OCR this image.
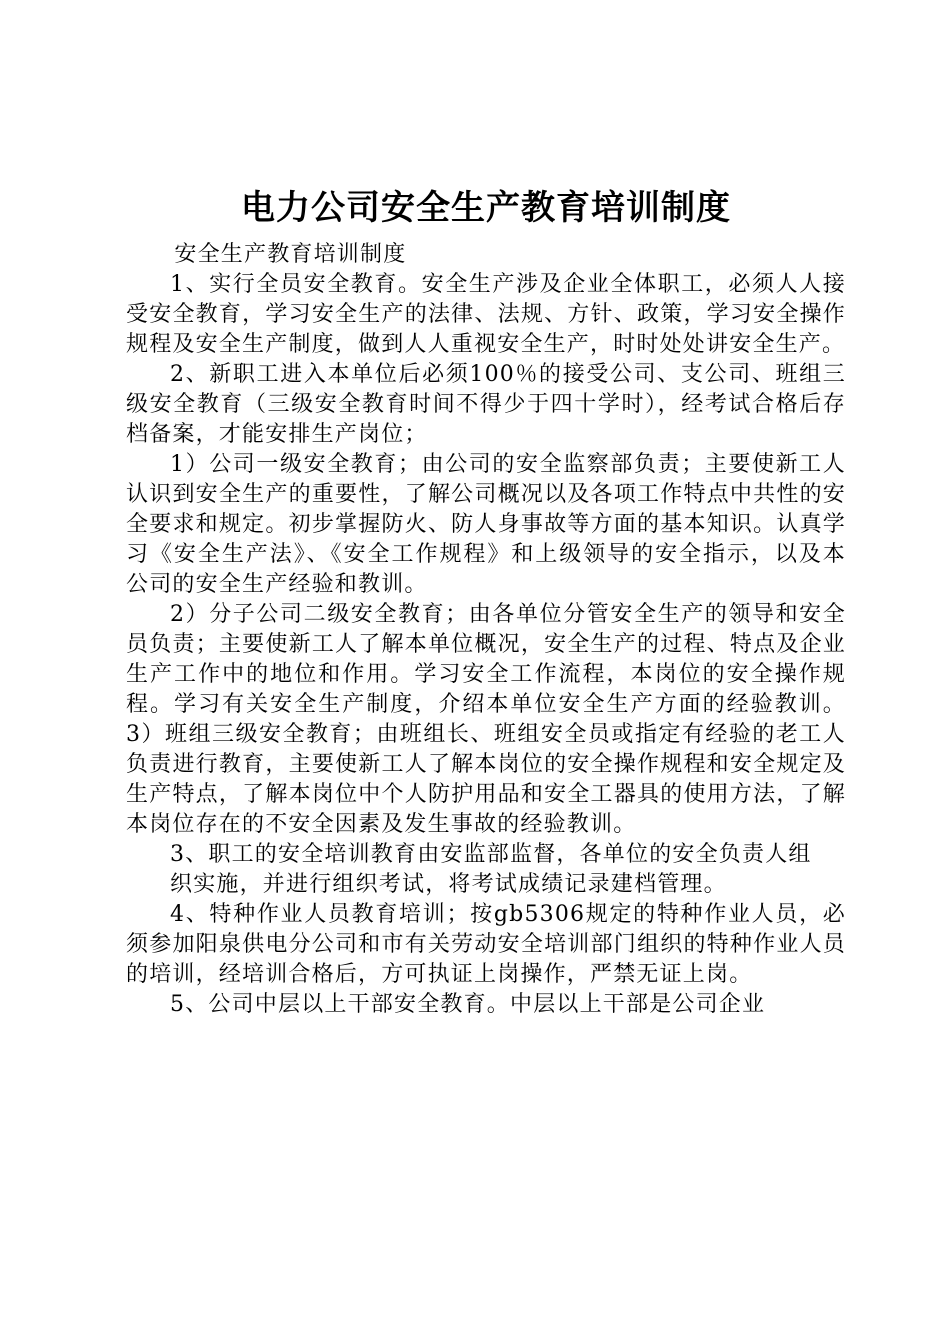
电力公司安全生产教育培训制度

安全生产教育培训制度

1、实行全员安全教育。安全生产涉及企业全体职工，必须人人接受安全教育，学习安全生产的法律、法规、方针、政策，学习安全操作规程及安全生产制度，做到人人重视安全生产，时时处处讲安全生产。

2、新职工进入本单位后必须100％的接受公司、支公司、班组三级安全教育（三级安全教育时间不得少于四十学时），经考试合格后存档备案，才能安排生产岗位；

1）公司一级安全教育；由公司的安全监察部负责；主要使新工人认识到安全生产的重要性，了解公司概况以及各项工作特点中共性的安全要求和规定。初步掌握防火、防人身事故等方面的基本知识。认真学习《安全生产法》、《安全工作规程》和上级领导的安全指示，以及本公司的安全生产经验和教训。

2）分子公司二级安全教育；由各单位分管安全生产的领导和安全员负责；主要使新工人了解本单位概况，安全生产的过程、特点及企业生产工作中的地位和作用。学习安全工作流程，本岗位的安全操作规程。学习有关安全生产制度，介绍本单位安全生产方面的经验教训。3）班组三级安全教育；由班组长、班组安全员或指定有经验的老工人负责进行教育，主要使新工人了解本岗位的安全操作规程和安全规定及生产特点，了解本岗位中个人防护用品和安全工器具的使用方法，了解本岗位存在的不安全因素及发生事故的经验教训。

3、职工的安全培训教育由安监部监督，各单位的安全负责人组

织实施，并进行组织考试，将考试成绩记录建档管理。

4、特种作业人员教育培训；按gb5306规定的特种作业人员，必须参加阳泉供电分公司和市有关劳动安全培训部门组织的特种作业人员的培训，经培训合格后，方可执证上岗操作，严禁无证上岗。

5、公司中层以上干部安全教育。中层以上干部是公司企业
